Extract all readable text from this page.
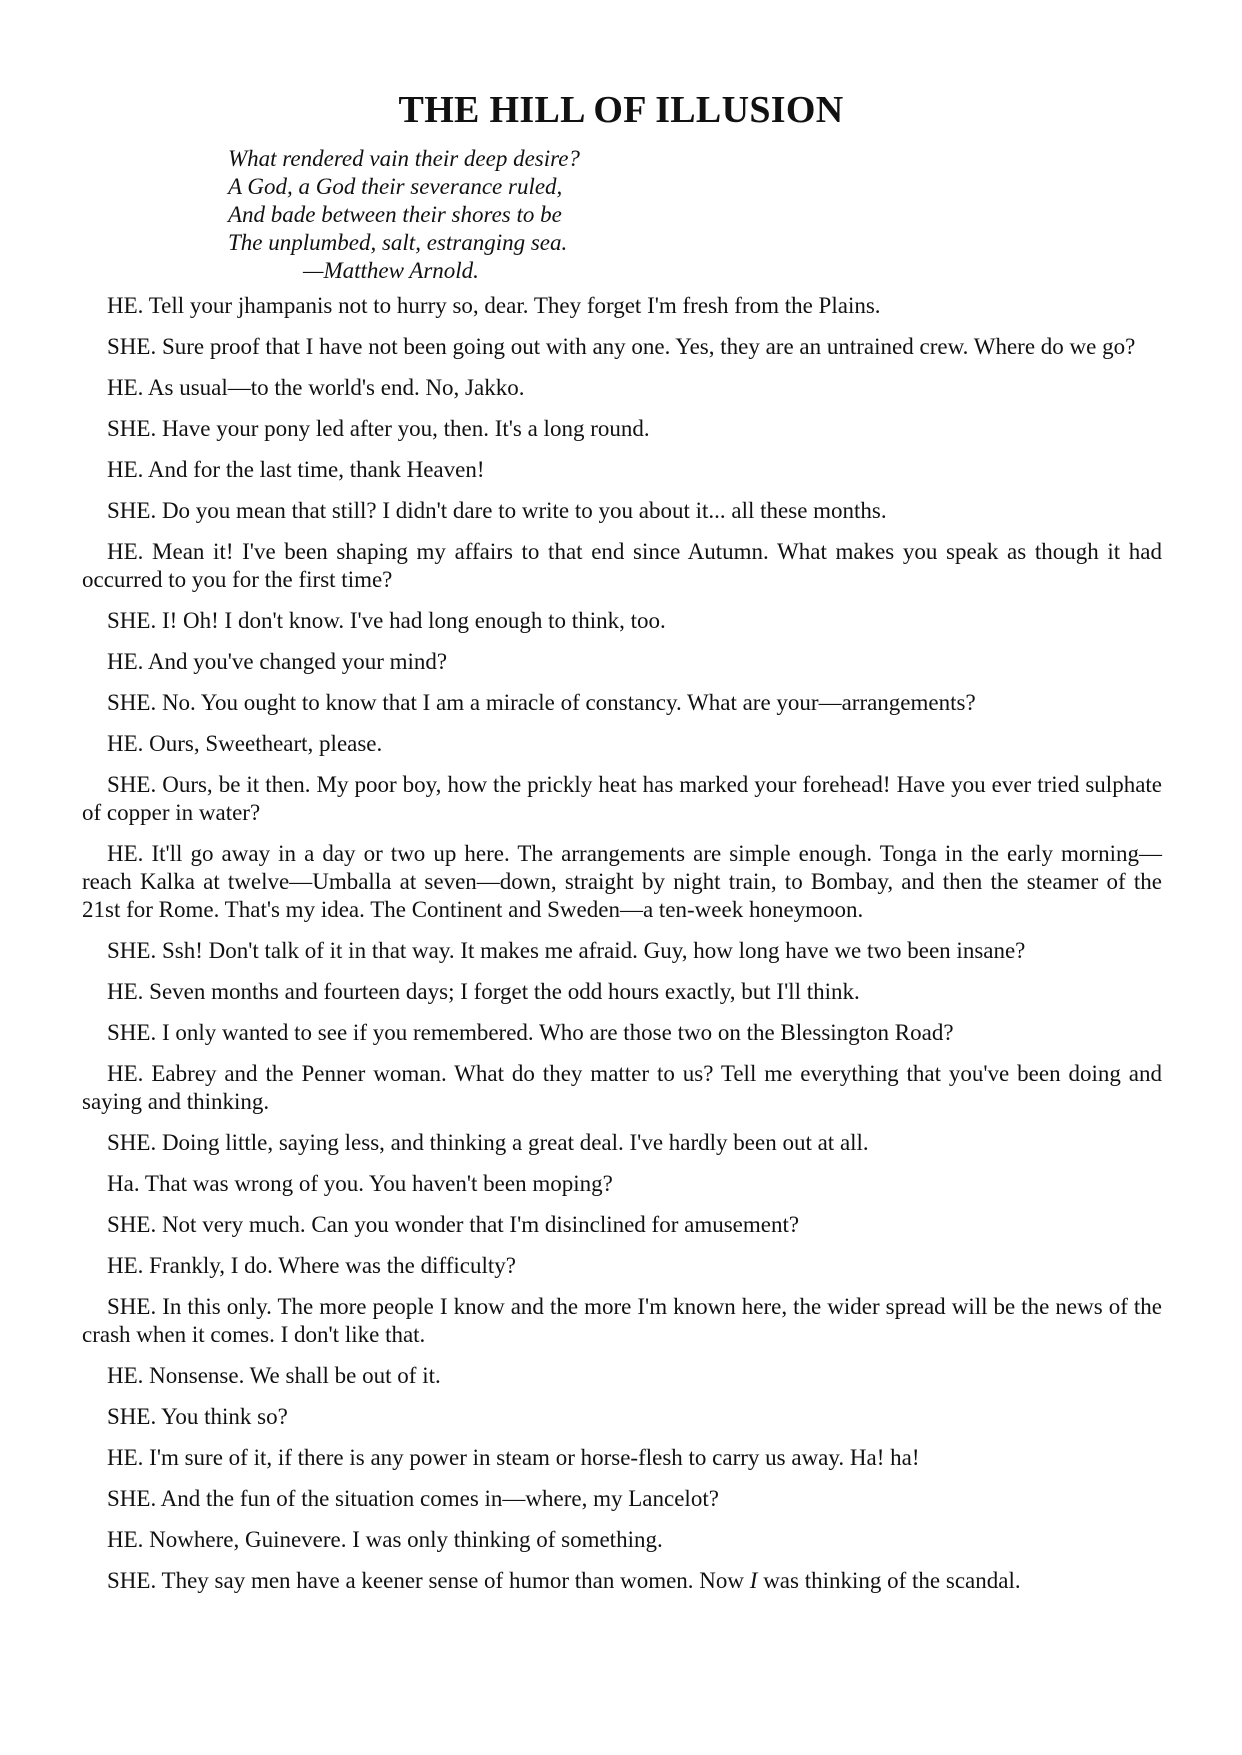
THE HILL OF ILLUSION
What rendered vain their deep desire?
A God, a God their severance ruled,
And bade between their shores to be
The unplumbed, salt, estranging sea.
—Matthew Arnold.

HE. Tell your jhampanis not to hurry so, dear. They forget I'm fresh from the Plains.

SHE. Sure proof that I have not been going out with any one. Yes, they are an untrained crew. Where do we go?

HE. As usual—to the world's end. No, Jakko.

SHE. Have your pony led after you, then. It's a long round.

HE. And for the last time, thank Heaven!

SHE. Do you mean that still? I didn't dare to write to you about it... all these months.

HE. Mean it! I've been shaping my affairs to that end since Autumn. What makes you speak as though it had occurred to you for the first time?

SHE. I! Oh! I don't know. I've had long enough to think, too.

HE. And you've changed your mind?

SHE. No. You ought to know that I am a miracle of constancy. What are your—arrangements?

HE. Ours, Sweetheart, please.

SHE. Ours, be it then. My poor boy, how the prickly heat has marked your forehead! Have you ever tried sulphate of copper in water?

HE. It'll go away in a day or two up here. The arrangements are simple enough. Tonga in the early morning—reach Kalka at twelve—Umballa at seven—down, straight by night train, to Bombay, and then the steamer of the 21st for Rome. That's my idea. The Continent and Sweden—a ten-week honeymoon.

SHE. Ssh! Don't talk of it in that way. It makes me afraid. Guy, how long have we two been insane?

HE. Seven months and fourteen days; I forget the odd hours exactly, but I'll think.

SHE. I only wanted to see if you remembered. Who are those two on the Blessington Road?

HE. Eabrey and the Penner woman. What do they matter to us? Tell me everything that you've been doing and saying and thinking.

SHE. Doing little, saying less, and thinking a great deal. I've hardly been out at all.

Ha. That was wrong of you. You haven't been moping?

SHE. Not very much. Can you wonder that I'm disinclined for amusement?

HE. Frankly, I do. Where was the difficulty?

SHE. In this only. The more people I know and the more I'm known here, the wider spread will be the news of the crash when it comes. I don't like that.

HE. Nonsense. We shall be out of it.

SHE. You think so?

HE. I'm sure of it, if there is any power in steam or horse-flesh to carry us away. Ha! ha!

SHE. And the fun of the situation comes in—where, my Lancelot?

HE. Nowhere, Guinevere. I was only thinking of something.

SHE. They say men have a keener sense of humor than women. Now I was thinking of the scandal.
